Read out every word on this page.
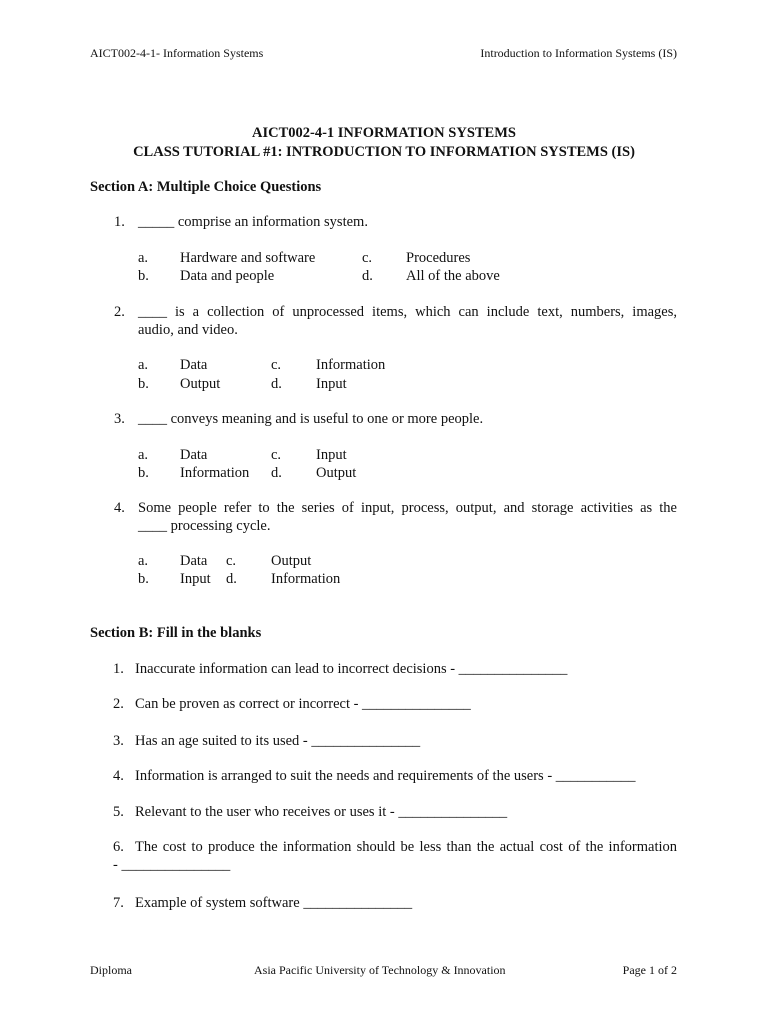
AICT002-4-1- Information Systems	Introduction to Information Systems (IS)
AICT002-4-1 INFORMATION SYSTEMS
CLASS TUTORIAL #1: INTRODUCTION TO INFORMATION SYSTEMS (IS)
Section A: Multiple Choice Questions
1. _____ comprise an information system.
a. Hardware and software
b. Data and people
c. Procedures
d. All of the above
2. ____ is a collection of unprocessed items, which can include text, numbers, images,
audio, and video.
a. Data
b. Output
c. Information
d. Input
3. ____ conveys meaning and is useful to one or more people.
a. Data
b. Information
c. Input
d. Output
4. Some people refer to the series of input, process, output, and storage activities as the
____ processing cycle.
a. Data
b. Input
c. Output
d. Information
Section B: Fill in the blanks
1. Inaccurate information can lead to incorrect decisions - _______________
2. Can be proven as correct or incorrect - _______________
3. Has an age suited to its used - _______________
4. Information is arranged to suit the needs and requirements of the users - ___________
5. Relevant to the user who receives or uses it - _______________
6. The cost to produce the information should be less than the actual cost of the information
- _______________
7. Example of system software _______________
Diploma	Asia Pacific University of Technology & Innovation	Page 1 of 2
